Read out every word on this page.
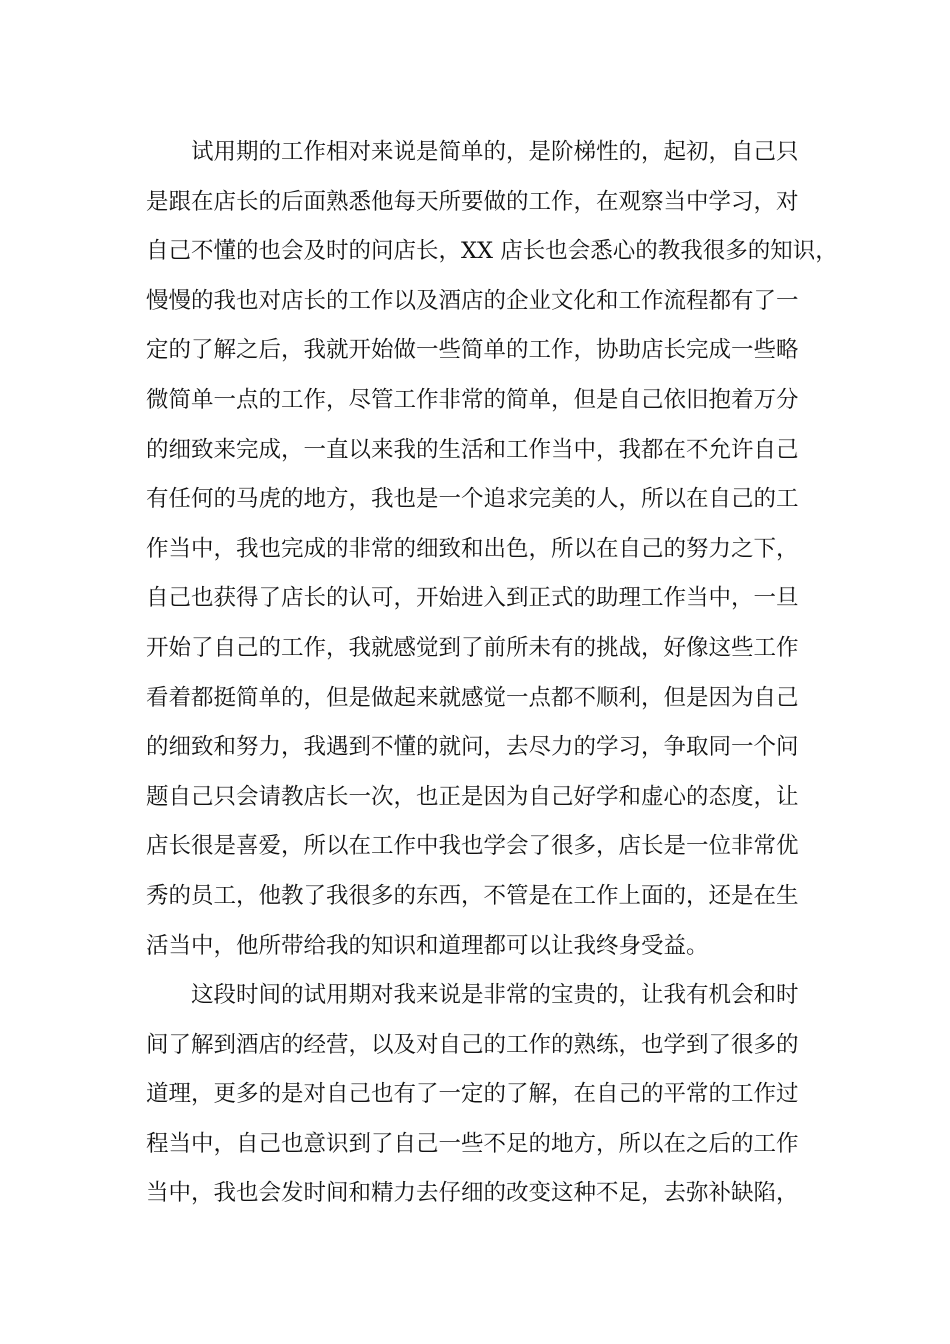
试用期的工作相对来说是简单的，是阶梯性的，起初，自己只
是跟在店长的后面熟悉他每天所要做的工作，在观察当中学习，对
自己不懂的也会及时的问店长，XX 店长也会悉心的教我很多的知识，
慢慢的我也对店长的工作以及酒店的企业文化和工作流程都有了一
定的了解之后，我就开始做一些简单的工作，协助店长完成一些略
微简单一点的工作，尽管工作非常的简单，但是自己依旧抱着万分
的细致来完成，一直以来我的生活和工作当中，我都在不允许自己
有任何的马虎的地方，我也是一个追求完美的人，所以在自己的工
作当中，我也完成的非常的细致和出色，所以在自己的努力之下，
自己也获得了店长的认可，开始进入到正式的助理工作当中，一旦
开始了自己的工作，我就感觉到了前所未有的挑战，好像这些工作
看着都挺简单的，但是做起来就感觉一点都不顺利，但是因为自己
的细致和努力，我遇到不懂的就问，去尽力的学习，争取同一个问
题自己只会请教店长一次，也正是因为自己好学和虚心的态度，让
店长很是喜爱，所以在工作中我也学会了很多，店长是一位非常优
秀的员工，他教了我很多的东西，不管是在工作上面的，还是在生
活当中，他所带给我的知识和道理都可以让我终身受益。
这段时间的试用期对我来说是非常的宝贵的，让我有机会和时
间了解到酒店的经营，以及对自己的工作的熟练，也学到了很多的
道理，更多的是对自己也有了一定的了解，在自己的平常的工作过
程当中，自己也意识到了自己一些不足的地方，所以在之后的工作
当中，我也会发时间和精力去仔细的改变这种不足，去弥补缺陷，
